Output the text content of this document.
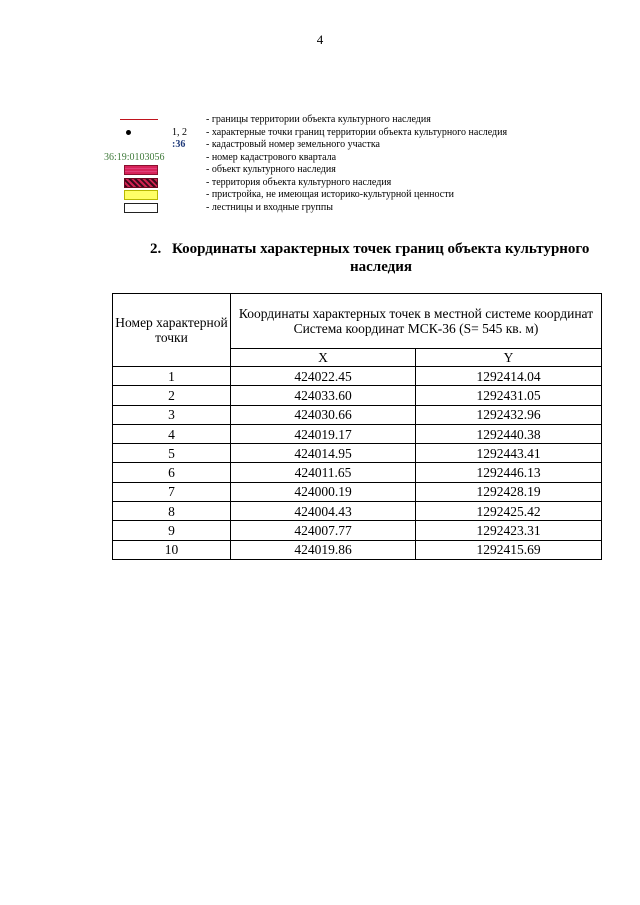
4
- границы территории объекта культурного наследия
1, 2 - характерные точки границ территории объекта культурного наследия
:36 - кадастровый номер земельного участка
36:19:0103056	- номер кадастрового квартала
- объект культурного наследия
- территория объекта культурного наследия
- пристройка, не имеющая историко-культурной ценности
- лестницы и входные группы
2. Координаты характерных точек границ объекта культурного
наследия
Номер характерной точки	Координаты характерных точек в местной системе координат
Система координат МСК-36 (S= 545 кв. м)	
	X	Y
1	424022.45	1292414.04
2	424033.60	1292431.05
3	424030.66	1292432.96
4	424019.17	1292440.38
5	424014.95	1292443.41
6	424011.65	1292446.13
7	424000.19	1292428.19
8	424004.43	1292425.42
9	424007.77	1292423.31
10	424019.86	1292415.69
